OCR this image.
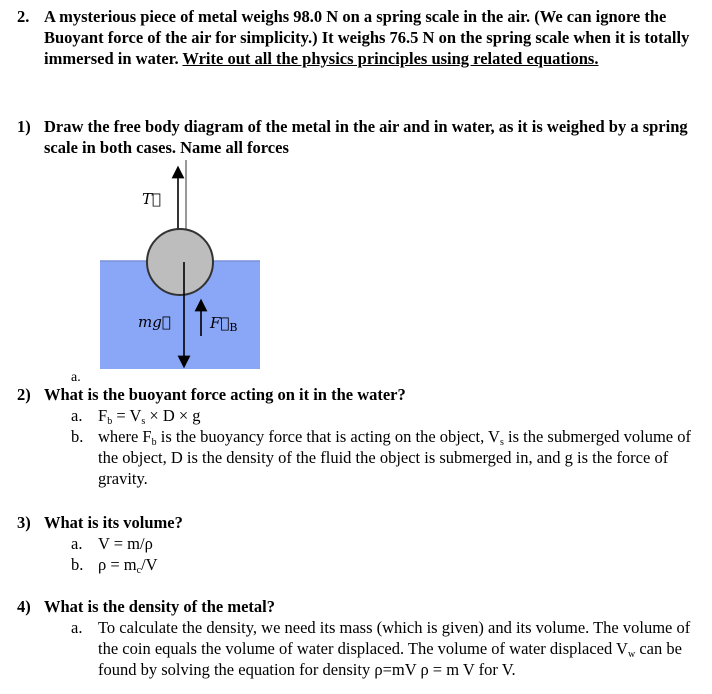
2. A mysterious piece of metal weighs 98.0 N on a spring scale in the air. (We can ignore the Buoyant force of the air for simplicity.) It weighs 76.5 N on the spring scale when it is totally immersed in water. Write out all the physics principles using related equations.
1) Draw the free body diagram of the metal in the air and in water, as it is weighed by a spring scale in both cases. Name all forces
T⃗
mg⃗	$F⃗_B$
a.
2) What is the buoyant force acting on it in the water?
a. $F_b = V_s \times D \times g$
b. where $F_b$ is the buoyancy force that is acting on the object, $V_s$ is the submerged volume of the object, D is the density of the fluid the object is submerged in, and g is the force of gravity.
3) What is its volume?
a. V = m/ρ
b. $\rho = m_c/V$
4) What is the density of the metal?
a. To calculate the density, we need its mass (which is given) and its volume. The volume of the coin equals the volume of water displaced. The volume of water displaced $V_w$ can be found by solving the equation for density ρ=mV ρ = m V for V.
